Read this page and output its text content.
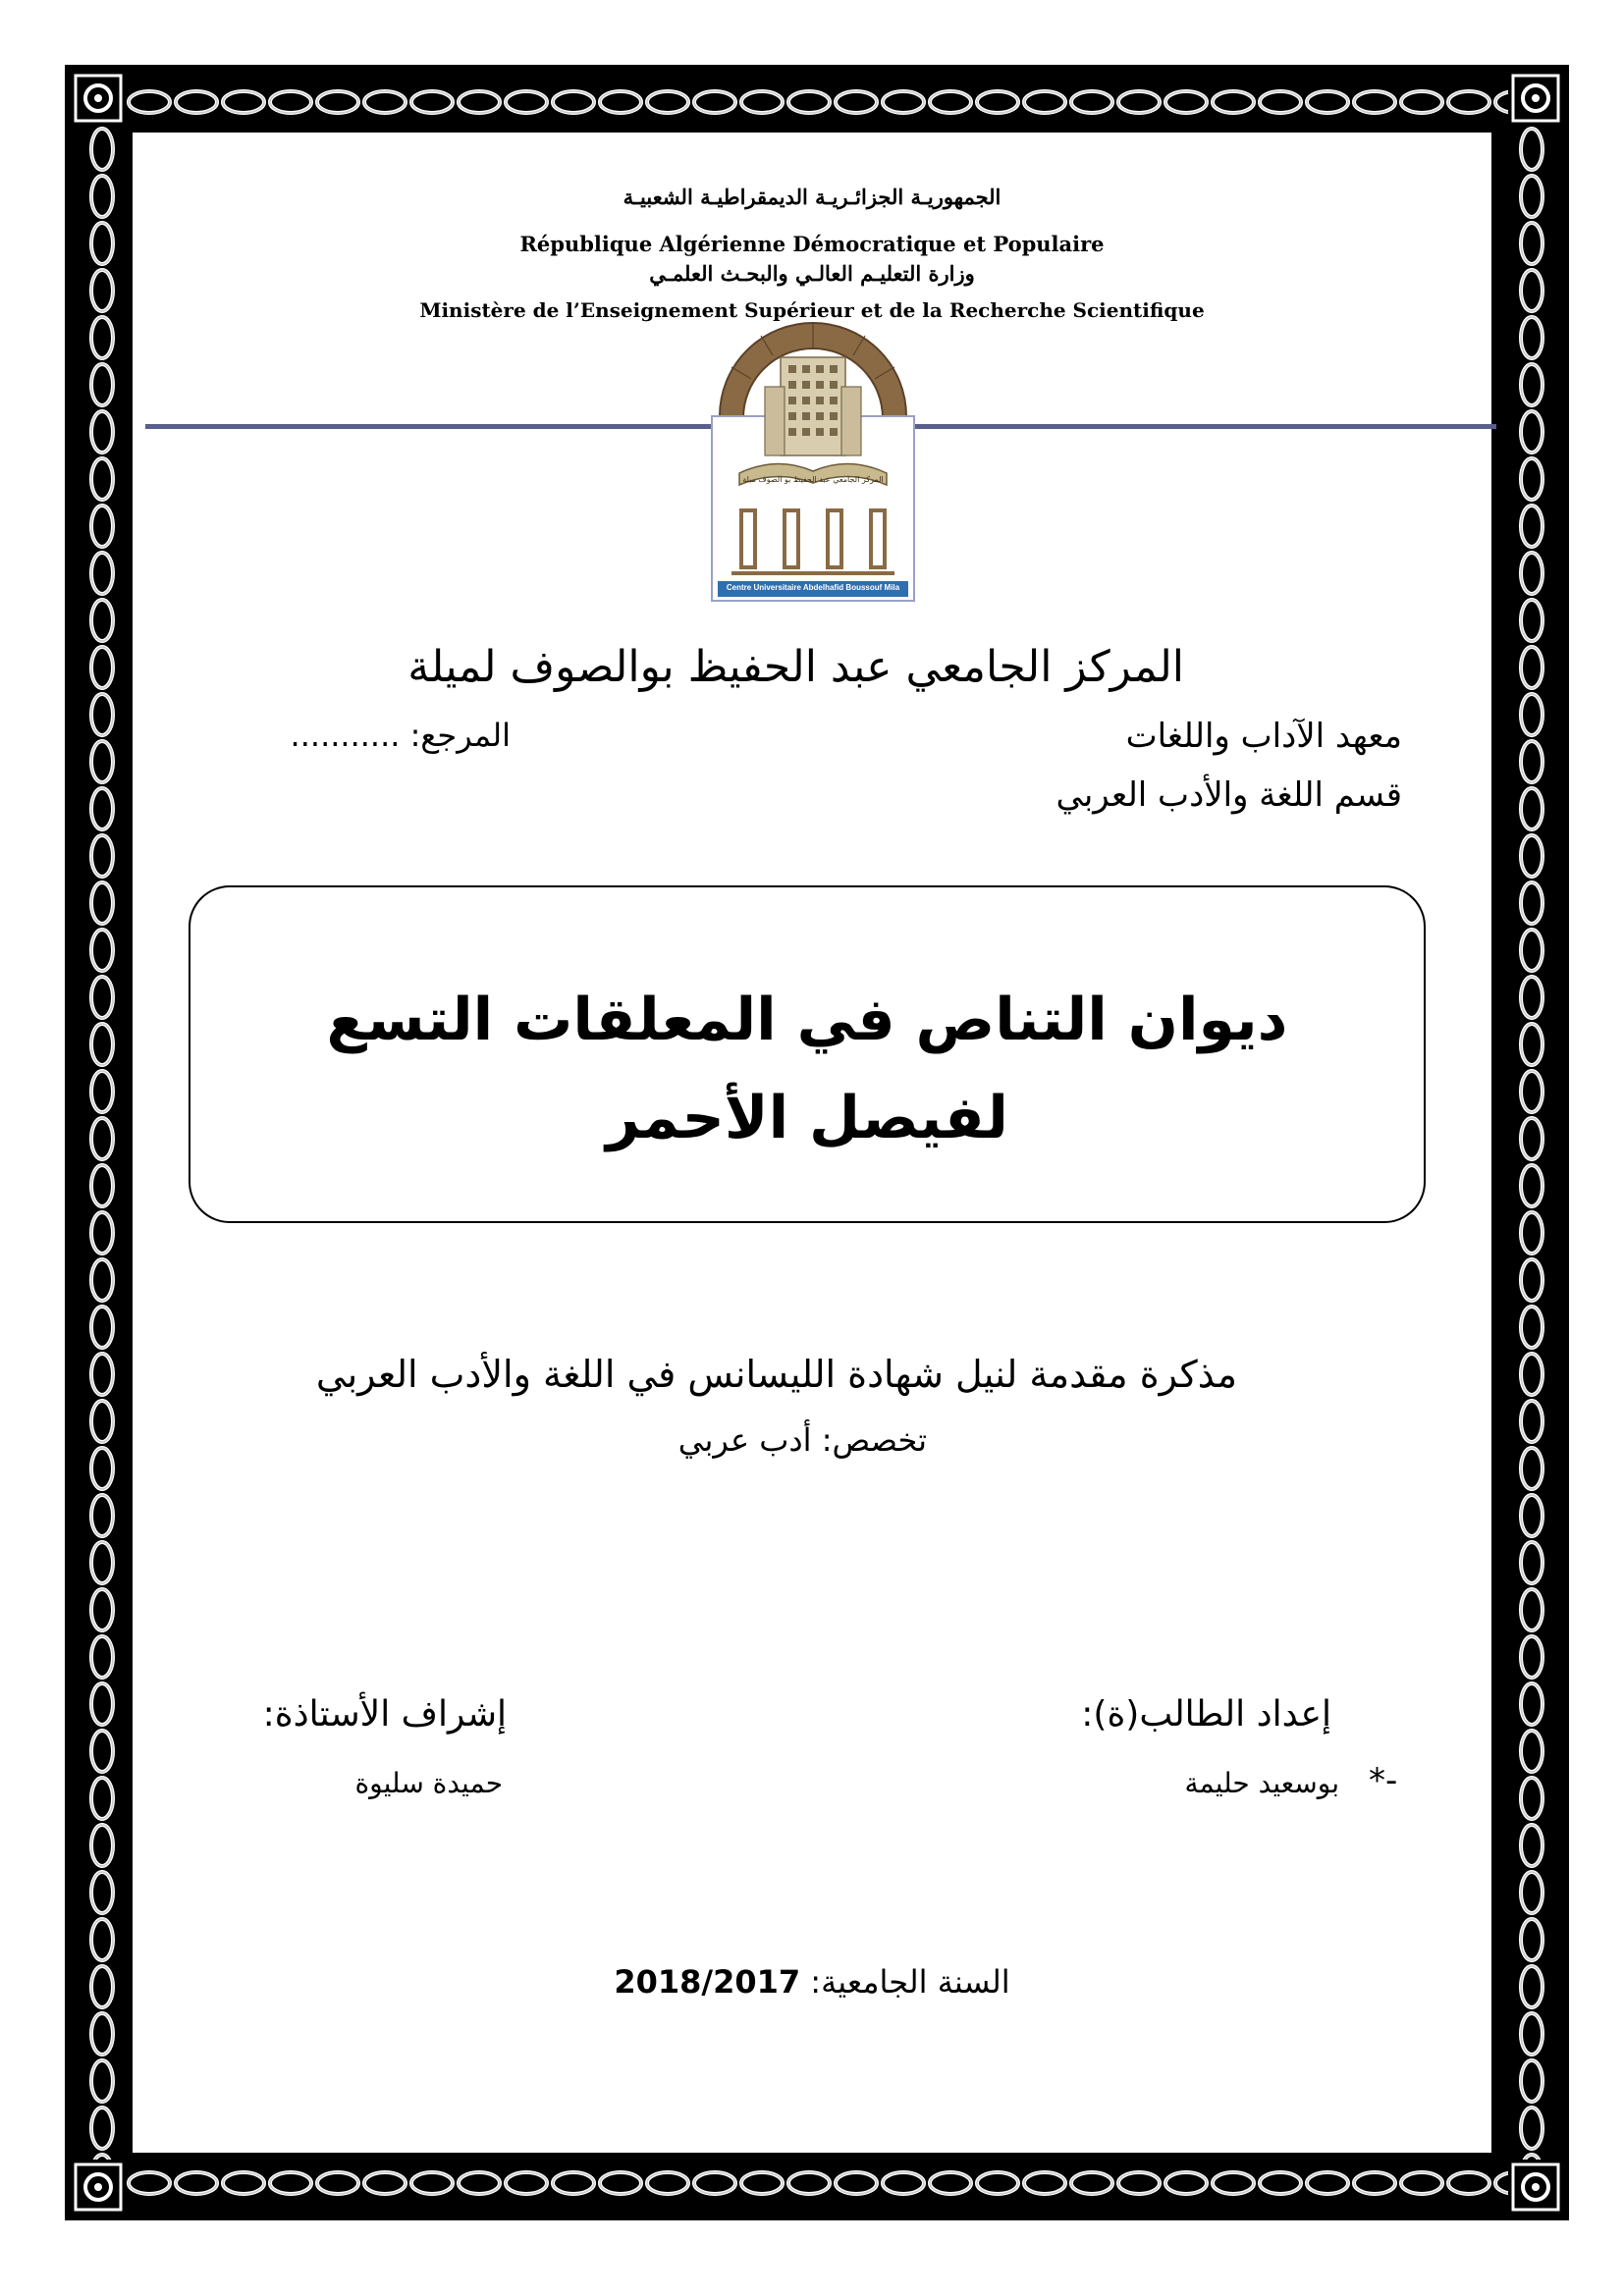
الجمهوريـة الجزائـريـة الديمقراطيـة الشعبيـة
République Algérienne Démocratique et Populaire
وزارة التعليـم العالـي والبحـث العلمـي
Ministère de l’Enseignement Supérieur et de la Recherche Scientifique
المركز الجامعي عبد الحفيظ بو الصوف ميلة
Centre Universitaire Abdelhafid Boussouf Mila
المركز الجامعي عبد الحفيظ بوالصوف لميلة
معهد الآداب واللغات
المرجع: ...........
قسم اللغة والأدب العربي
ديوان التناص في المعلقات التسع
لفيصل الأحمر
مذكرة مقدمة لنيل شهادة الليسانس في اللغة والأدب العربي
تخصص: أدب عربي
إعداد الطالب(ة):
إشراف الأستاذة:
*-
بوسعيد حليمة
حميدة سليوة
2018/2017 السنة الجامعية:
